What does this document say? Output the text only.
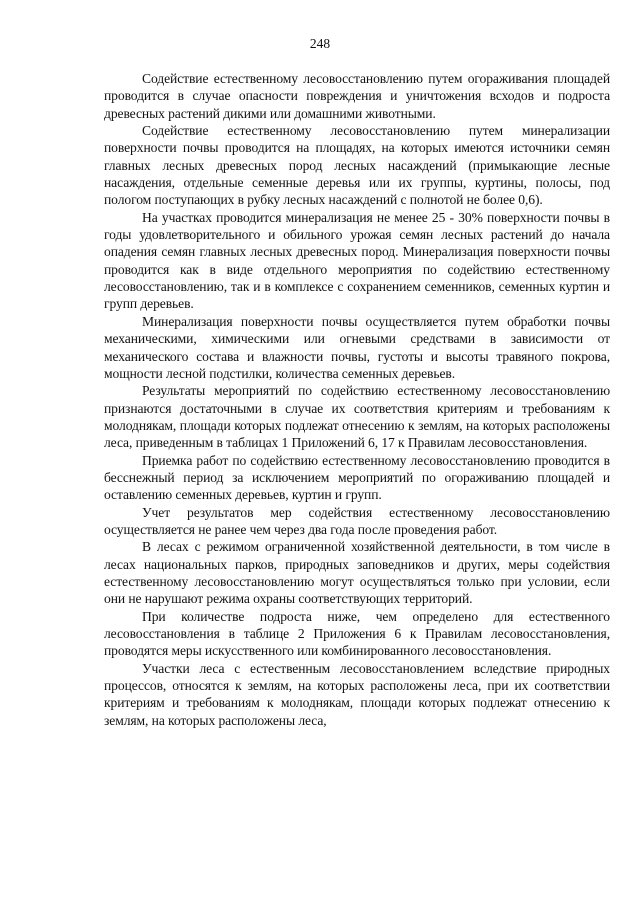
248

Содействие естественному лесовосстановлению путем огораживания площадей проводится в случае опасности повреждения и уничтожения всходов и подроста древесных растений дикими или домашними животными.

Содействие естественному лесовосстановлению путем минерализации поверхности почвы проводится на площадях, на которых имеются источники семян главных лесных древесных пород лесных насаждений (примыкающие лесные насаждения, отдельные семенные деревья или их группы, куртины, полосы, под пологом поступающих в рубку лесных насаждений с полнотой не более 0,6).

На участках проводится минерализация не менее 25 - 30% поверхности почвы в годы удовлетворительного и обильного урожая семян лесных растений до начала опадения семян главных лесных древесных пород. Минерализация поверхности почвы проводится как в виде отдельного мероприятия по содействию естественному лесовосстановлению, так и в комплексе с сохранением семенников, семенных куртин и групп деревьев.

Минерализация поверхности почвы осуществляется путем обработки почвы механическими, химическими или огневыми средствами в зависимости от механического состава и влажности почвы, густоты и высоты травяного покрова, мощности лесной подстилки, количества семенных деревьев.

Результаты мероприятий по содействию естественному лесовосстановлению признаются достаточными в случае их соответствия критериям и требованиям к молоднякам, площади которых подлежат отнесению к землям, на которых расположены леса, приведенным в таблицах 1 Приложений 6, 17 к Правилам лесовосстановления.

Приемка работ по содействию естественному лесовосстановлению проводится в бесснежный период за исключением мероприятий по огораживанию площадей и оставлению семенных деревьев, куртин и групп.

Учет результатов мер содействия естественному лесовосстановлению осуществляется не ранее чем через два года после проведения работ.

В лесах с режимом ограниченной хозяйственной деятельности, в том числе в лесах национальных парков, природных заповедников и других, меры содействия естественному лесовосстановлению могут осуществляться только при условии, если они не нарушают режима охраны соответствующих территорий.

При количестве подроста ниже, чем определено для естественного лесовосстановления в таблице 2 Приложения 6 к Правилам лесовосстановления, проводятся меры искусственного или комбинированного лесовосстановления.

Участки леса с естественным лесовосстановлением вследствие природных процессов, относятся к землям, на которых расположены леса, при их соответствии критериям и требованиям к молоднякам, площади которых подлежат отнесению к землям, на которых расположены леса,
